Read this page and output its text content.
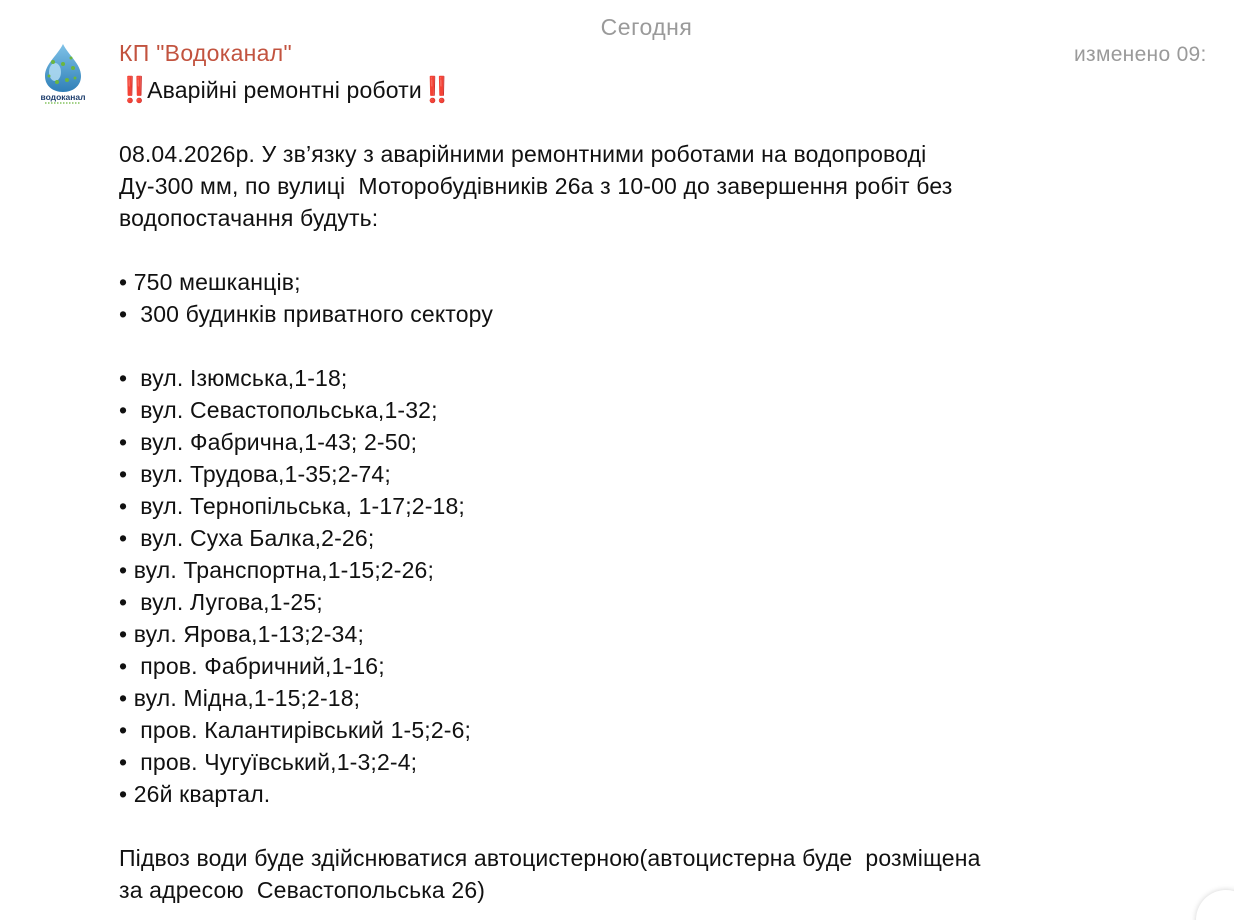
Сегодня
водоканал
КП "Водоканал"	изменено 09:
‼️Аварійні ремонтні роботи‼️
08.04.2026р. У зв’язку з аварійними ремонтними роботами на водопроводі
Ду-300 мм, по вулиці  Моторобудівників 26а з 10-00 до завершення робіт без
водопостачання будуть:
• 750 мешканців;
•  300 будинків приватного сектору
•  вул. Ізюмська,1-18;
•  вул. Севастопольська,1-32;
•  вул. Фабрична,1-43; 2-50;
•  вул. Трудова,1-35;2-74;
•  вул. Тернопільська, 1-17;2-18;
•  вул. Суха Балка,2-26;
• вул. Транспортна,1-15;2-26;
•  вул. Лугова,1-25;
• вул. Ярова,1-13;2-34;
•  пров. Фабричний,1-16;
• вул. Мідна,1-15;2-18;
•  пров. Калантирівський 1-5;2-6;
•  пров. Чугуївський,1-3;2-4;
• 26й квартал.
Підвоз води буде здійснюватися автоцистерною(автоцистерна буде  розміщена
за адресою  Севастопольська 26)
